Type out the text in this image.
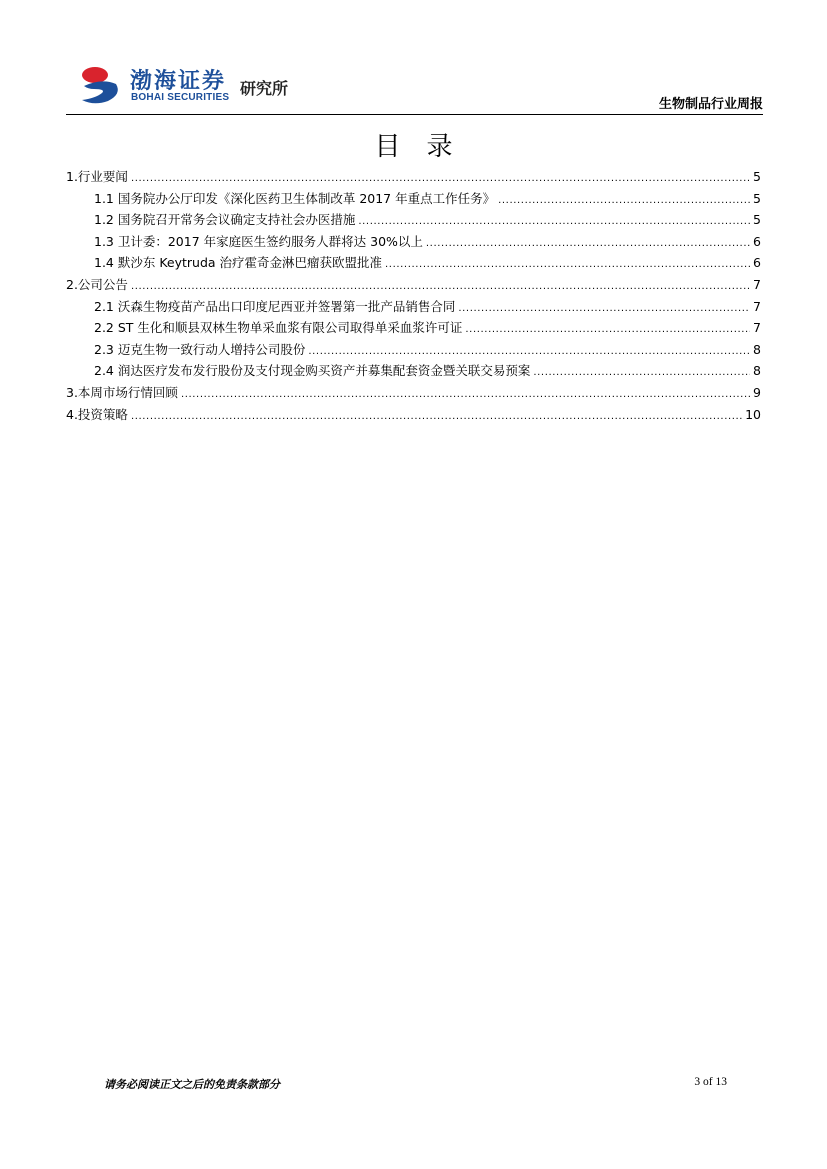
渤海证券
BOHAI SECURITIES 研究所
生物制品行业周报
目录
1.行业要闻 .....	5
1.1 国务院办公厅印发《深化医药卫生体制改革 2017 年重点工作任务》 .....	5
1.2 国务院召开常务会议确定支持社会办医措施 .....	5
1.3 卫计委：2017 年家庭医生签约服务人群将达 30%以上 .....	6
1.4 默沙东 Keytruda 治疗霍奇金淋巴瘤获欧盟批准 .....	6
2.公司公告 .....	7
2.1 沃森生物疫苗产品出口印度尼西亚并签署第一批产品销售合同 .....	7
2.2 ST 生化和顺县双林生物单采血浆有限公司取得单采血浆许可证 .....	7
2.3 迈克生物一致行动人增持公司股份 .....	8
2.4 润达医疗发布发行股份及支付现金购买资产并募集配套资金暨关联交易预案 .....	8
3.本周市场行情回顾 .....	9
4.投资策略 .....	10
请务必阅读正文之后的免责条款部分	3 of 13
